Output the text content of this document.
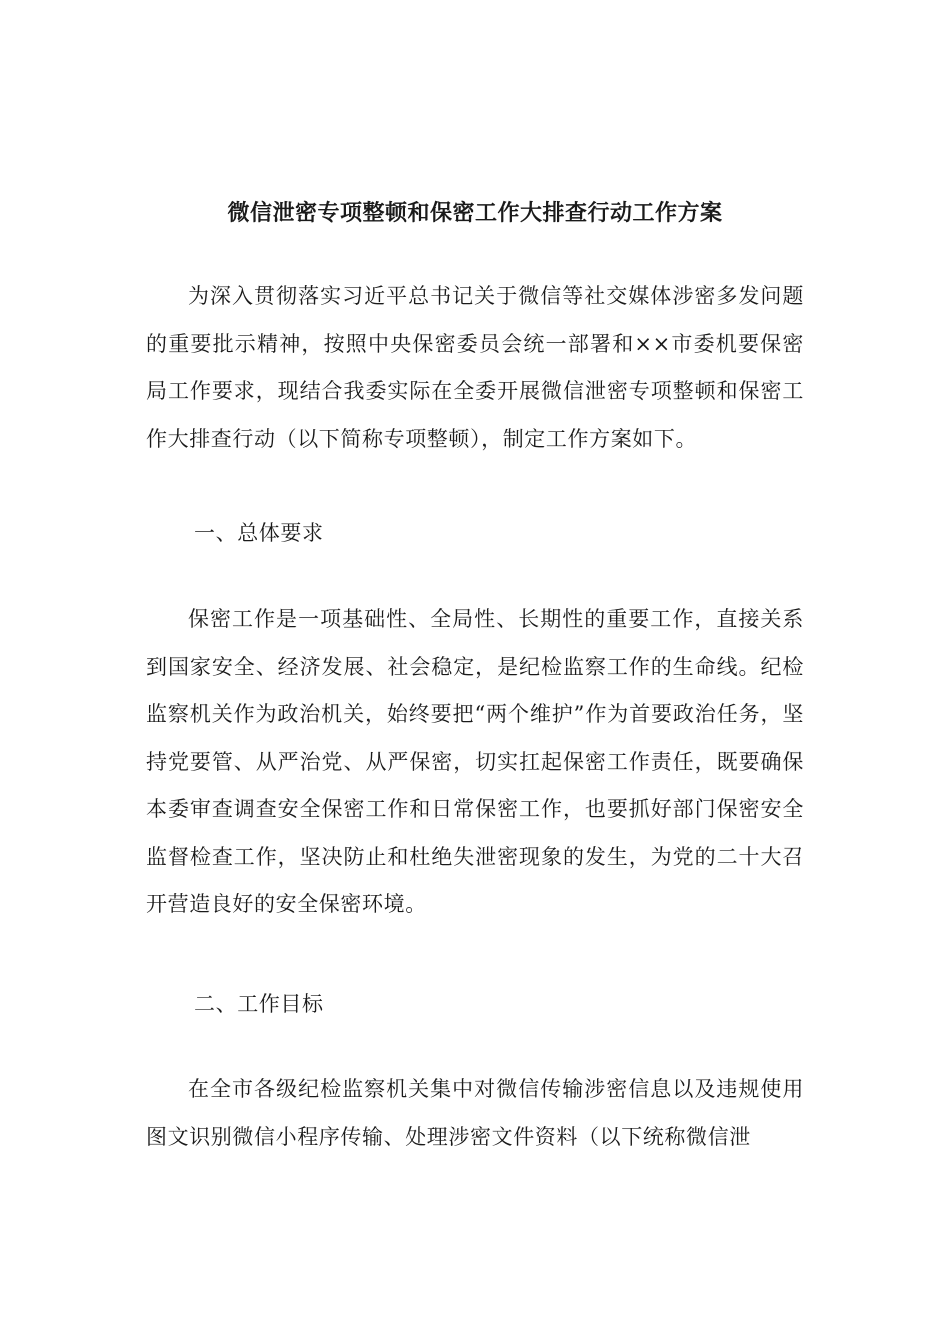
微信泄密专项整顿和保密工作大排查行动工作方案

为深入贯彻落实习近平总书记关于微信等社交媒体涉密多发问题的重要批示精神，按照中央保密委员会统一部署和××市委机要保密局工作要求，现结合我委实际在全委开展微信泄密专项整顿和保密工作大排查行动（以下简称专项整顿），制定工作方案如下。

一、总体要求

保密工作是一项基础性、全局性、长期性的重要工作，直接关系到国家安全、经济发展、社会稳定，是纪检监察工作的生命线。纪检监察机关作为政治机关，始终要把“两个维护”作为首要政治任务，坚持党要管、从严治党、从严保密，切实扛起保密工作责任，既要确保本委审查调查安全保密工作和日常保密工作，也要抓好部门保密安全监督检查工作，坚决防止和杜绝失泄密现象的发生，为党的二十大召开营造良好的安全保密环境。

二、工作目标

在全市各级纪检监察机关集中对微信传输涉密信息以及违规使用图文识别微信小程序传输、处理涉密文件资料（以下统称微信泄
